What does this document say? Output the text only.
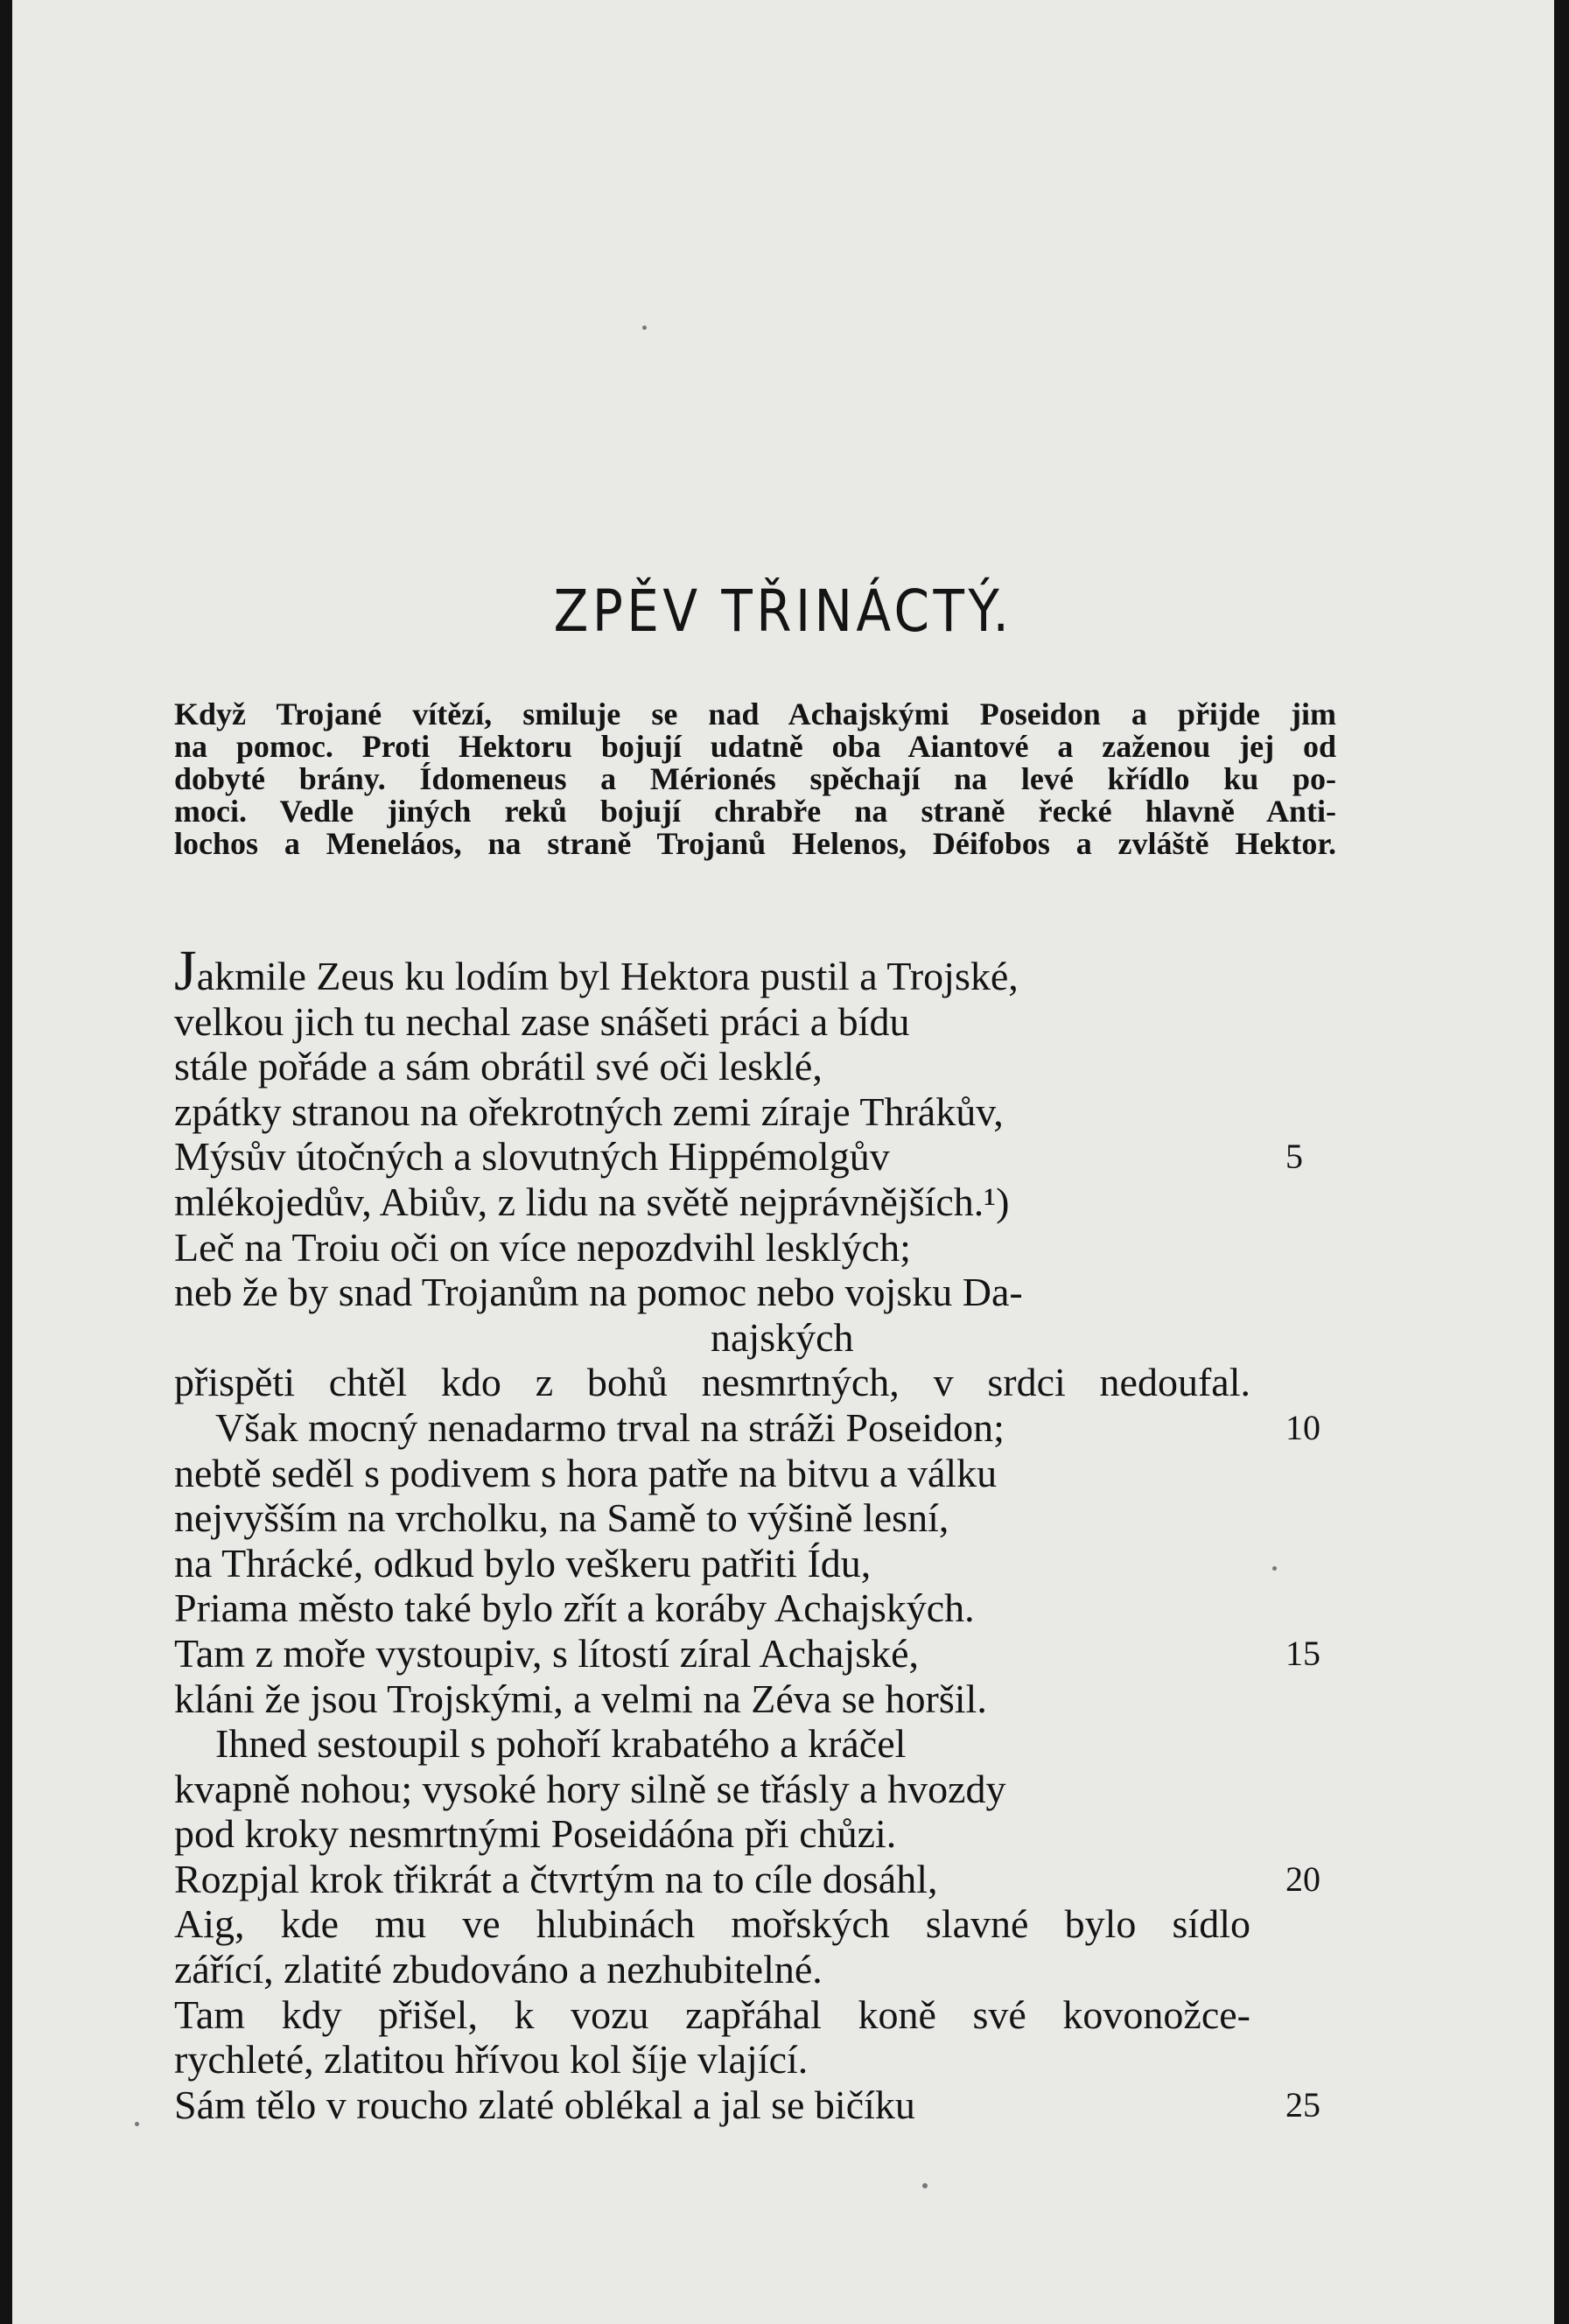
ZPĚV TŘINÁCTÝ.
Když Trojané vítězí, smiluje se nad Achajskými Poseidon a přijde jim
na pomoc. Proti Hektoru bojují udatně oba Aiantové a zaženou jej od
dobyté brány. Ídomeneus a Mérionés spěchají na levé křídlo ku po-
moci. Vedle jiných reků bojují chrabře na straně řecké hlavně Anti-
lochos a Meneláos, na straně Trojanů Helenos, Déifobos a zvláště Hektor.
Jakmile Zeus ku lodím byl Hektora pustil a Trojské,
velkou jich tu nechal zase snášeti práci a bídu
stále pořáde a sám obrátil své oči lesklé,
zpátky stranou na ořekrotných zemi zíraje Thrákův,
Mýsův útočných a slovutných Hippémolgův	5
mlékojedův, Abiův, z lidu na světě nejprávnějších.¹)
Leč na Troiu oči on více nepozdvihl lesklých;
neb že by snad Trojanům na pomoc nebo vojsku Da-
najských
přispěti chtěl kdo z bohů nesmrtných, v srdci nedoufal.
Však mocný nenadarmo trval na stráži Poseidon;	10
nebtě seděl s podivem s hora patře na bitvu a válku
nejvyšším na vrcholku, na Samě to výšině lesní,
na Thrácké, odkud bylo veškeru patřiti Ídu,
Priama město také bylo zřít a koráby Achajských.
Tam z moře vystoupiv, s lítostí zíral Achajské,	15
kláni že jsou Trojskými, a velmi na Zéva se horšil.
Ihned sestoupil s pohoří krabatého a kráčel
kvapně nohou; vysoké hory silně se třásly a hvozdy
pod kroky nesmrtnými Poseidáóna při chůzi.
Rozpjal krok třikrát a čtvrtým na to cíle dosáhl,	20
Aig, kde mu ve hlubinách mořských slavné bylo sídlo
zářící, zlatité zbudováno a nezhubitelné.
Tam kdy přišel, k vozu zapřáhal koně své kovonožce-
rychleté, zlatitou hřívou kol šíje vlající.
Sám tělo v roucho zlaté oblékal a jal se bičíku	25
